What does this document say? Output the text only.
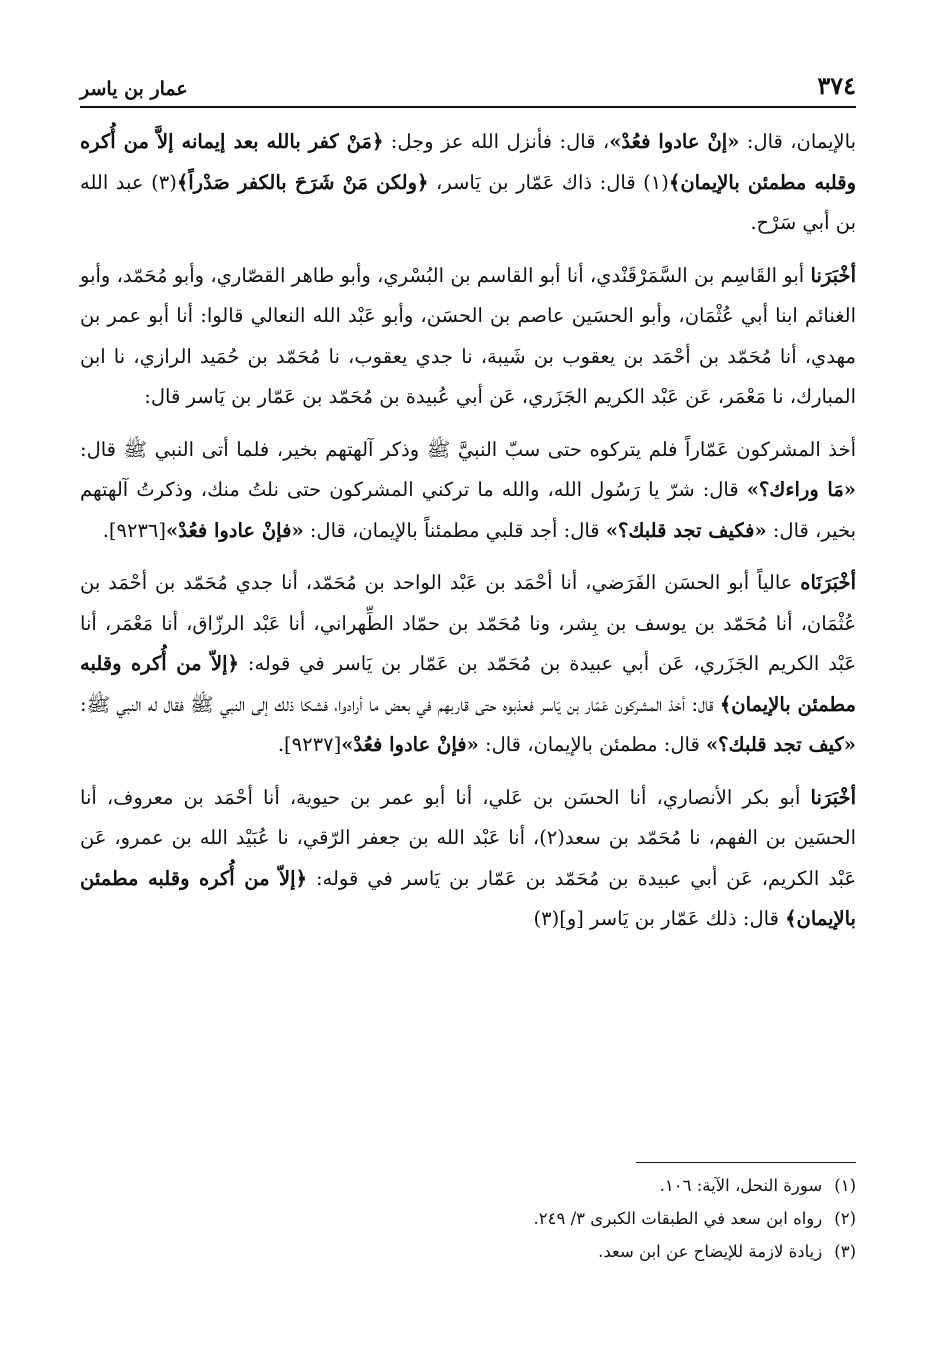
٣٧٤
عمار بن ياسر

بالإيمان، قال: «إنْ عادوا فعُدْ»، قال: فأنزل الله عز وجل: ﴿مَنْ كفر بالله بعد إيمانه إلاَّ من أُكره وقلبه مطمئن بالإيمان﴾(١) قال: ذاك عَمّار بن يَاسر، ﴿ولكن مَنْ شَرَحَ بالكفر صَدْراً﴾(٣) عبد الله بن أبي سَرْح.

أخْبَرَنا أبو القَاسِم بن السَّمَرْقَنْدي، أنا أبو القاسم بن البُسْري، وأبو طاهر القصّاري، وأبو مُحَمّد، وأبو الغنائم ابنا أبي عُثْمَان، وأبو الحسَين عاصم بن الحسَن، وأبو عَبْد الله النعالي قالوا: أنا أبو عمر بن مهدي، أنا مُحَمّد بن أحْمَد بن يعقوب بن شَيبة، نا جدي يعقوب، نا مُحَمّد بن حُمَيد الرازي، نا ابن المبارك، نا مَعْمَر، عَن عَبْد الكريم الجَزَري، عَن أبي عُبيدة بن مُحَمّد بن عَمّار بن يَاسر قال:

أخذ المشركون عَمّاراً فلم يتركوه حتى سبّ النبيَّ ﷺ وذكر آلهتهم بخير، فلما أتى النبي ﷺ قال: «مَا وراءك؟» قال: شرّ يا رَسُول الله، والله ما تركني المشركون حتى نلتُ منك، وذكرتُ آلهتهم بخير، قال: «فكيف تجد قلبك؟» قال: أجد قلبي مطمئناً بالإيمان، قال: «فإنْ عادوا فعُدْ»[٩٢٣٦].

أخْبَرَنَاه عالياً أبو الحسَن الفَرَضي، أنا أحْمَد بن عَبْد الواحد بن مُحَمّد، أنا جدي مُحَمّد بن أحْمَد بن عُثْمَان، أنا مُحَمّد بن يوسف بن بِشر، ونا مُحَمّد بن حمّاد الطِّهراني، أنا عَبْد الرزّاق، أنا مَعْمَر، أنا عَبْد الكريم الجَزَري، عَن أبي عبيدة بن مُحَمّد بن عَمّار بن يَاسر في قوله: ﴿إلاّ من أُكره وقلبه مطمئن بالإيمان﴾ قال: أخذ المشركون عَمّار بن يَاسر فعذبوه حتى قاربهم في بعض ما أرادوا، فشكا ذلك إلى النبي ﷺ فقال له النبي ﷺ: «كيف تجد قلبك؟» قال: مطمئن بالإيمان، قال: «فإنْ عادوا فعُدْ»[٩٢٣٧].

أخْبَرَنا أبو بكر الأنصاري، أنا الحسَن بن عَلي، أنا أبو عمر بن حيوية، أنا أحْمَد بن معروف، أنا الحسَين بن الفهم، نا مُحَمّد بن سعد(٢)، أنا عَبْد الله بن جعفر الرّقي، نا عُبَيْد الله بن عمرو، عَن عَبْد الكريم، عَن أبي عبيدة بن مُحَمّد بن عَمّار بن يَاسر في قوله: ﴿إلاّ من أُكره وقلبه مطمئن بالإيمان﴾ قال: ذلك عَمّار بن يَاسر [و](٣)

(١)
سورة النحل، الآية: ١٠٦.
(٢)
رواه ابن سعد في الطبقات الكبرى ٣/ ٢٤٩.
(٣)
زيادة لازمة للإيضاح عن ابن سعد.
